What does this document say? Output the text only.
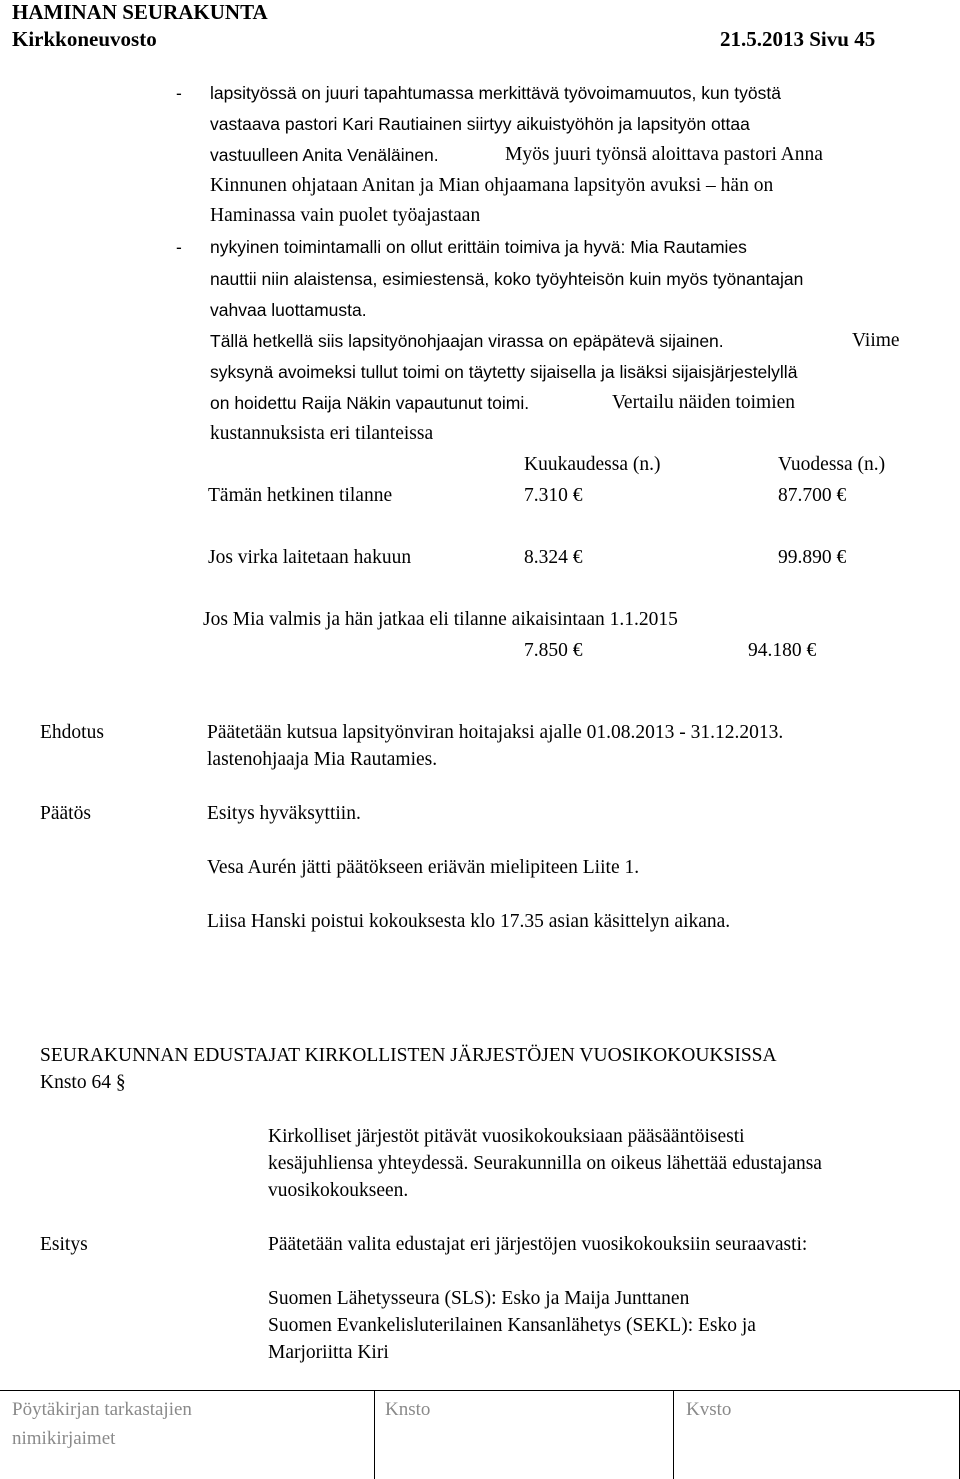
HAMINAN SEURAKUNTA
Kirkkoneuvosto	21.5.2013 Sivu 45
- lapsityössä on juuri tapahtumassa merkittävä työvoimamuutos, kun työstä
vastaava pastori Kari Rautiainen siirtyy aikuistyöhön ja lapsityön ottaa
vastuulleen Anita Venäläinen.	Myös juuri työnsä aloittava pastori Anna
Kinnunen ohjataan Anitan ja Mian ohjaamana lapsityön avuksi – hän on
Haminassa vain puolet työajastaan
- nykyinen toimintamalli on ollut erittäin toimiva ja hyvä: Mia Rautamies
nauttii niin alaistensa, esimiestensä, koko työyhteisön kuin myös työnantajan
vahvaa luottamusta.
Tällä hetkellä siis lapsityönohjaajan virassa on epäpätevä sijainen.	Viime
syksynä avoimeksi tullut toimi on täytetty sijaisella ja lisäksi sijaisjärjestelyllä
on hoidettu Raija Näkin vapautunut toimi.	Vertailu näiden toimien
kustannuksista eri tilanteissa
Kuukaudessa (n.)	Vuodessa (n.)
Tämän hetkinen tilanne	7.310 €	87.700 €
Jos virka laitetaan hakuun	8.324 €	99.890 €
Jos Mia valmis ja hän jatkaa eli tilanne aikaisintaan 1.1.2015
7.850 €	94.180 €
Ehdotus	Päätetään kutsua lapsityönviran hoitajaksi ajalle 01.08.2013 - 31.12.2013.
lastenohjaaja Mia Rautamies.
Päätös	Esitys hyväksyttiin.
Vesa Aurén jätti päätökseen eriävän mielipiteen Liite 1.
Liisa Hanski poistui kokouksesta klo 17.35 asian käsittelyn aikana.
SEURAKUNNAN EDUSTAJAT KIRKOLLISTEN JÄRJESTÖJEN VUOSIKOKOUKSISSA
Knsto 64 §
Kirkolliset järjestöt pitävät vuosikokouksiaan pääsääntöisesti
kesäjuhliensa yhteydessä. Seurakunnilla on oikeus lähettää edustajansa
vuosikokoukseen.
Esitys	Päätetään valita edustajat eri järjestöjen vuosikokouksiin seuraavasti:
Suomen Lähetysseura (SLS): Esko ja Maija Junttanen
Suomen Evankelisluterilainen Kansanlähetys (SEKL): Esko ja
Marjoriitta Kiri
Pöytäkirjan tarkastajien
nimikirjaimet
Knsto	Kvsto
